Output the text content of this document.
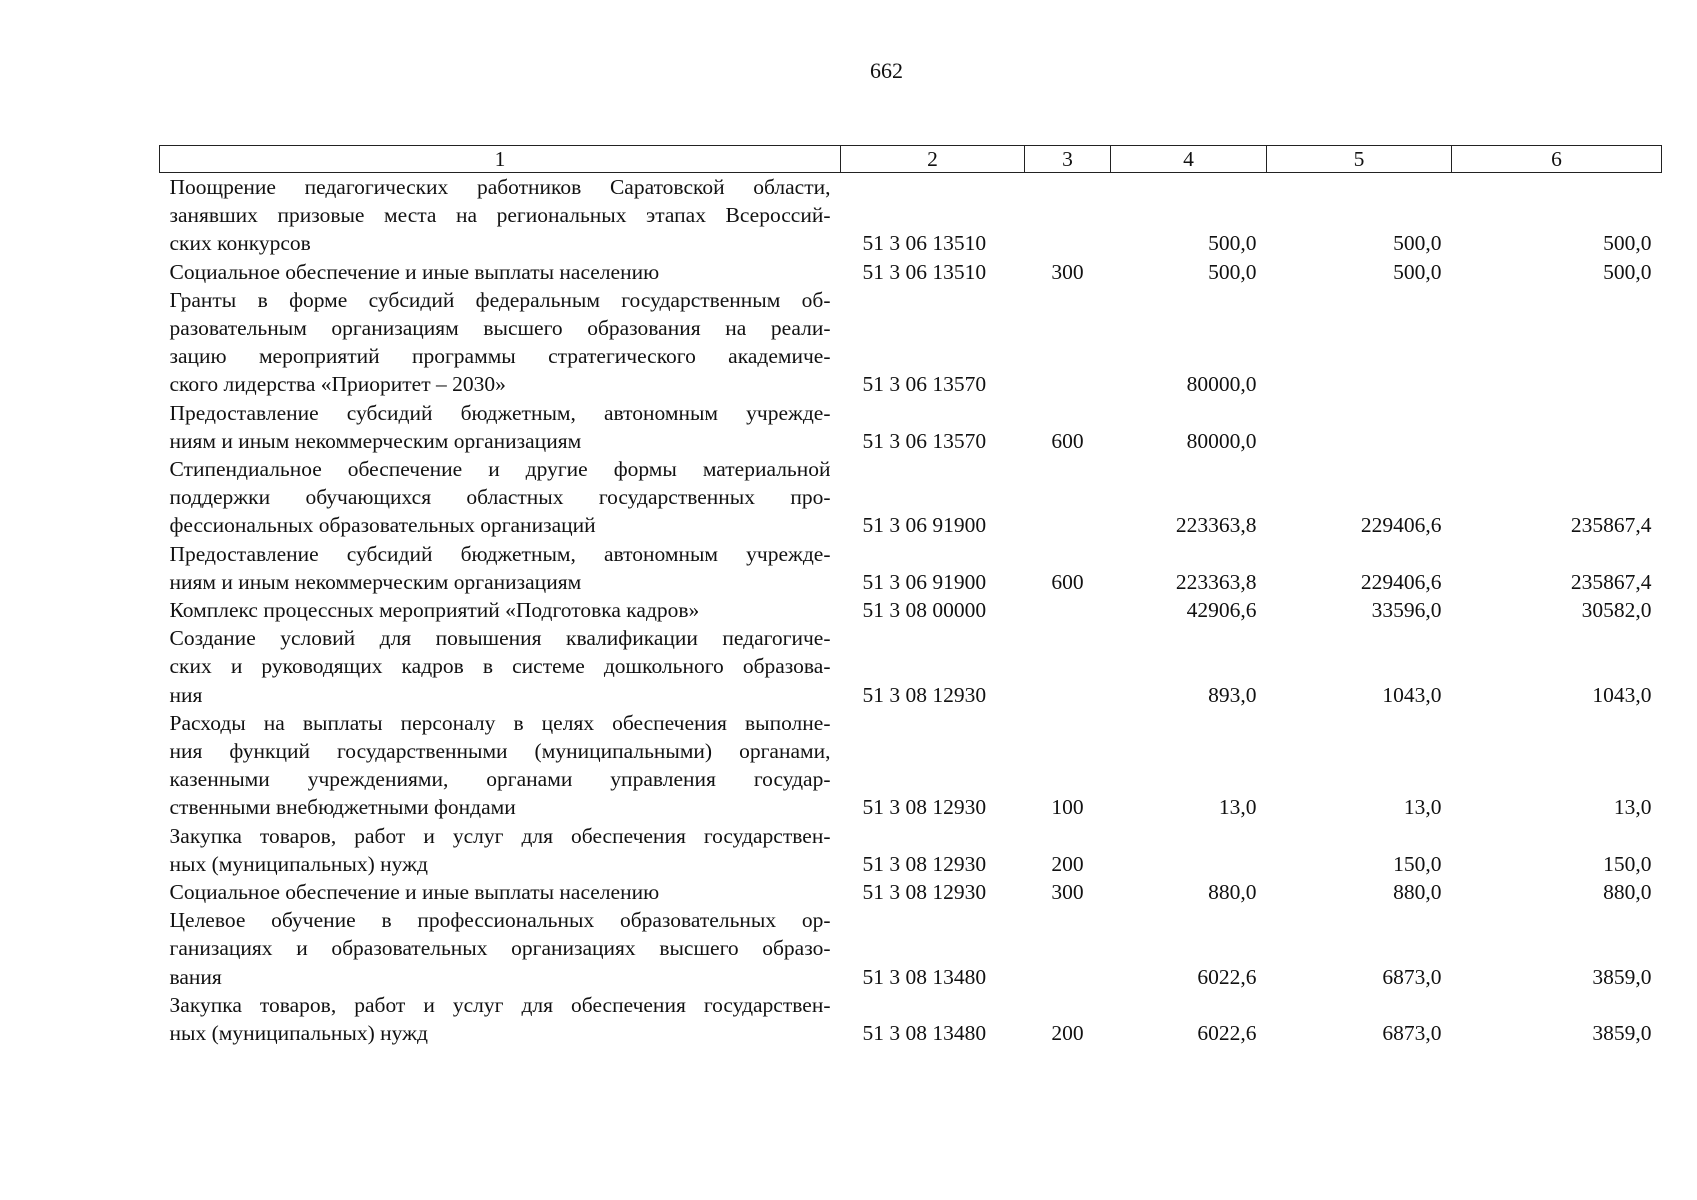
662
1	2	3	4	5	6

Поощрение педагогических работников Саратовской области,
занявших призовые места на региональных этапах Всероссий-
ских конкурсов	51 3 06 13510		500,0	500,0	500,0

Социальное обеспечение и иные выплаты населению	51 3 06 13510	300	500,0	500,0	500,0

Гранты в форме субсидий федеральным государственным об-
разовательным организациям высшего образования на реали-
зацию мероприятий программы стратегического академиче-
ского лидерства «Приоритет – 2030»	51 3 06 13570		80000,0		

Предоставление субсидий бюджетным, автономным учрежде-
ниям и иным некоммерческим организациям	51 3 06 13570	600	80000,0		

Стипендиальное обеспечение и другие формы материальной
поддержки обучающихся областных государственных про-
фессиональных образовательных организаций	51 3 06 91900		223363,8	229406,6	235867,4

Предоставление субсидий бюджетным, автономным учрежде-
ниям и иным некоммерческим организациям	51 3 06 91900	600	223363,8	229406,6	235867,4

Комплекс процессных мероприятий «Подготовка кадров»	51 3 08 00000		42906,6	33596,0	30582,0

Создание условий для повышения квалификации педагогиче-
ских и руководящих кадров в системе дошкольного образова-
ния	51 3 08 12930		893,0	1043,0	1043,0

Расходы на выплаты персоналу в целях обеспечения выполне-
ния функций государственными (муниципальными) органами,
казенными учреждениями, органами управления государ-
ственными внебюджетными фондами	51 3 08 12930	100	13,0	13,0	13,0

Закупка товаров, работ и услуг для обеспечения государствен-
ных (муниципальных) нужд	51 3 08 12930	200		150,0	150,0

Социальное обеспечение и иные выплаты населению	51 3 08 12930	300	880,0	880,0	880,0

Целевое обучение в профессиональных образовательных ор-
ганизациях и образовательных организациях высшего образо-
вания	51 3 08 13480		6022,6	6873,0	3859,0

Закупка товаров, работ и услуг для обеспечения государствен-
ных (муниципальных) нужд	51 3 08 13480	200	6022,6	6873,0	3859,0
